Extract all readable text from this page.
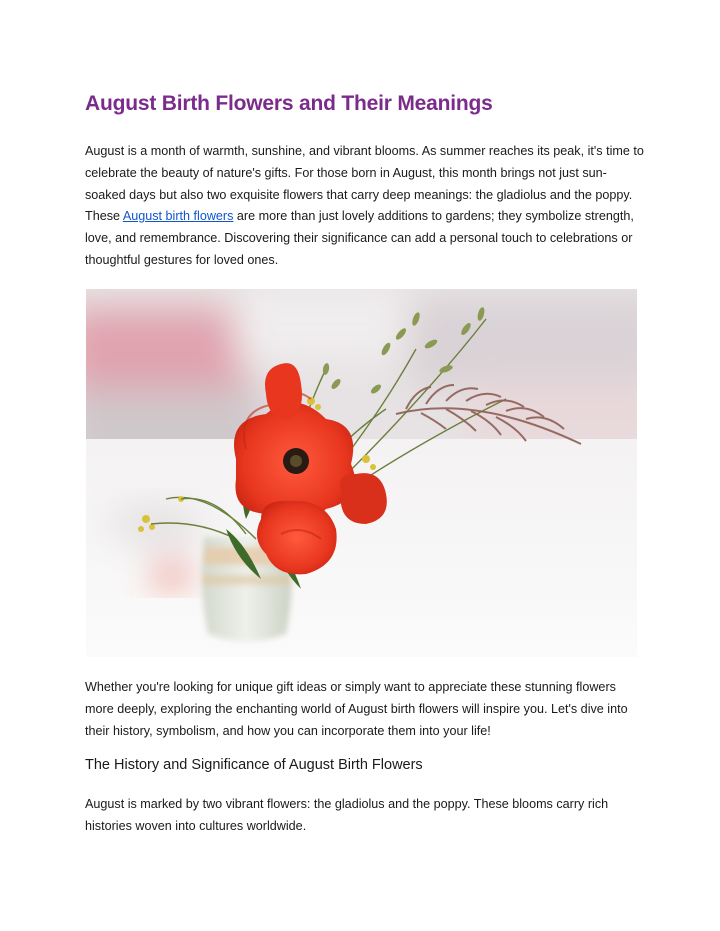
August Birth Flowers and Their Meanings

August is a month of warmth, sunshine, and vibrant blooms. As summer reaches its peak, it's time to celebrate the beauty of nature's gifts. For those born in August, this month brings not just sun-soaked days but also two exquisite flowers that carry deep meanings: the gladiolus and the poppy. These August birth flowers are more than just lovely additions to gardens; they symbolize strength, love, and remembrance. Discovering their significance can add a personal touch to celebrations or thoughtful gestures for loved ones.

Whether you're looking for unique gift ideas or simply want to appreciate these stunning flowers more deeply, exploring the enchanting world of August birth flowers will inspire you. Let's dive into their history, symbolism, and how you can incorporate them into your life!

The History and Significance of August Birth Flowers

August is marked by two vibrant flowers: the gladiolus and the poppy. These blooms carry rich histories woven into cultures worldwide.
